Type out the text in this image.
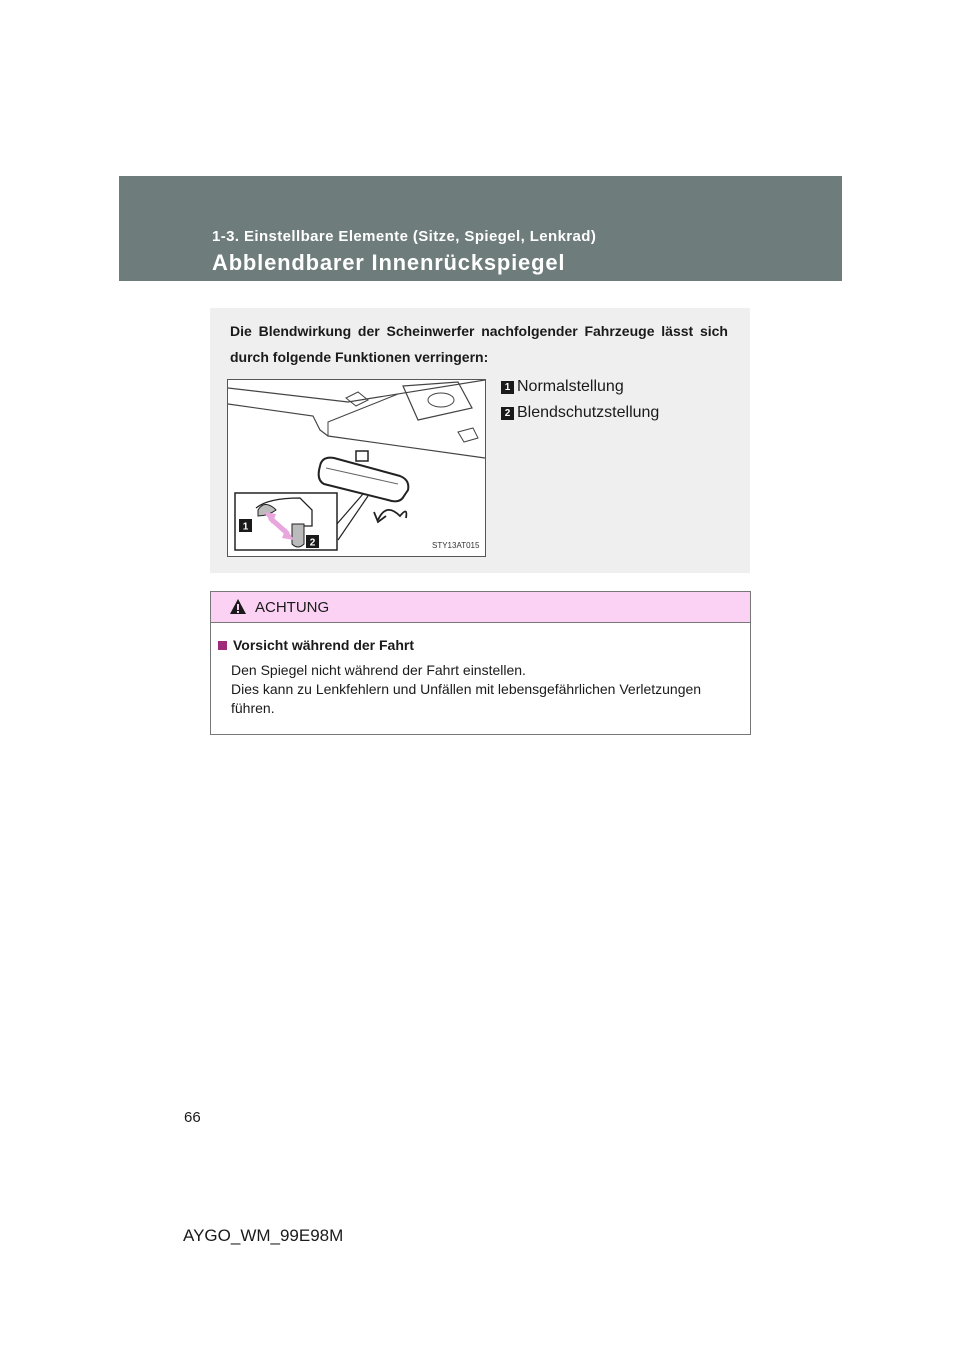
1-3. Einstellbare Elemente (Sitze, Spiegel, Lenkrad)
Abblendbarer Innenrückspiegel
Die Blendwirkung der Scheinwerfer nachfolgender Fahrzeuge lässt sich durch folgende Funktionen verringern:
1
2	STY13AT015
1 Normalstellung
2 Blendschutzstellung
ACHTUNG
Vorsicht während der Fahrt

Den Spiegel nicht während der Fahrt einstellen.

Dies kann zu Lenkfehlern und Unfällen mit lebensgefährlichen Verletzungen führen.

66
AYGO_WM_99E98M
